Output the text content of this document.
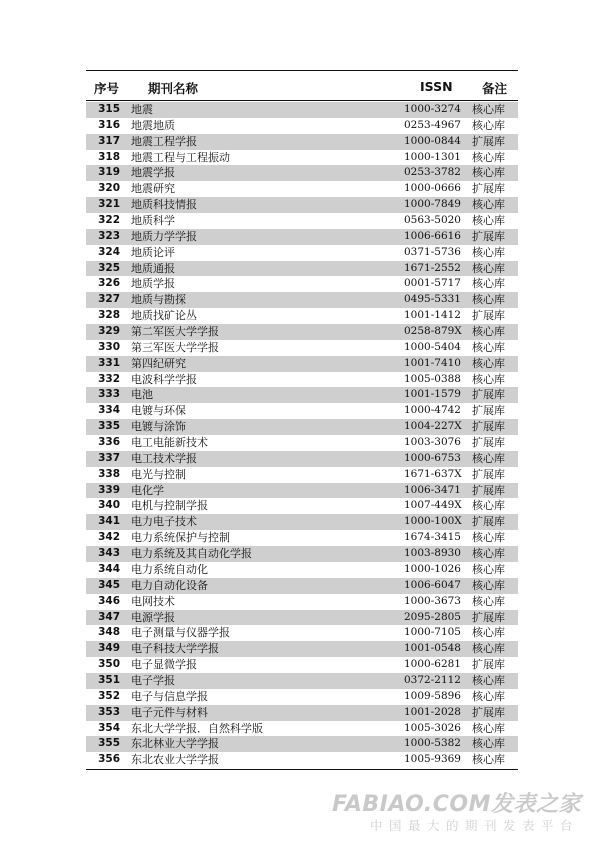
序号 期刊名称	ISSN 备注
315 地震	1000-3274 核心库
316 地震地质	0253-4967 核心库
317 地震工程学报	1000-0844 扩展库
318 地震工程与工程振动	1000-1301 核心库
319 地震学报	0253-3782 核心库
320 地震研究	1000-0666 扩展库
321 地质科技情报	1000-7849 核心库
322 地质科学	0563-5020 核心库
323 地质力学学报	1006-6616 扩展库
324 地质论评	0371-5736 核心库
325 地质通报	1671-2552 核心库
326 地质学报	0001-5717 核心库
327 地质与勘探	0495-5331 核心库
328 地质找矿论丛	1001-1412 扩展库
329 第二军医大学学报	0258-879X 核心库
330 第三军医大学学报	1000-5404 核心库
331 第四纪研究	1001-7410 核心库
332 电波科学学报	1005-0388 核心库
333 电池	1001-1579 扩展库
334 电镀与环保	1000-4742 扩展库
335 电镀与涂饰	1004-227X 扩展库
336 电工电能新技术	1003-3076 扩展库
337 电工技术学报	1000-6753 核心库
338 电光与控制	1671-637X 扩展库
339 电化学	1006-3471 扩展库
340 电机与控制学报	1007-449X 核心库
341 电力电子技术	1000-100X 扩展库
342 电力系统保护与控制	1674-3415 核心库
343 电力系统及其自动化学报	1003-8930 核心库
344 电力系统自动化	1000-1026 核心库
345 电力自动化设备	1006-6047 核心库
346 电网技术	1000-3673 核心库
347 电源学报	2095-2805 扩展库
348 电子测量与仪器学报	1000-7105 核心库
349 电子科技大学学报	1001-0548 核心库
350 电子显微学报	1000-6281 扩展库
351 电子学报	0372-2112 核心库
352 电子与信息学报	1009-5896 核心库
353 电子元件与材料	1001-2028 扩展库
354 东北大学学报．自然科学版	1005-3026 核心库
355 东北林业大学学报	1000-5382 核心库
356 东北农业大学学报	1005-9369 核心库
FABIAO.COM发表之家
中国最大的期刊发表平台
